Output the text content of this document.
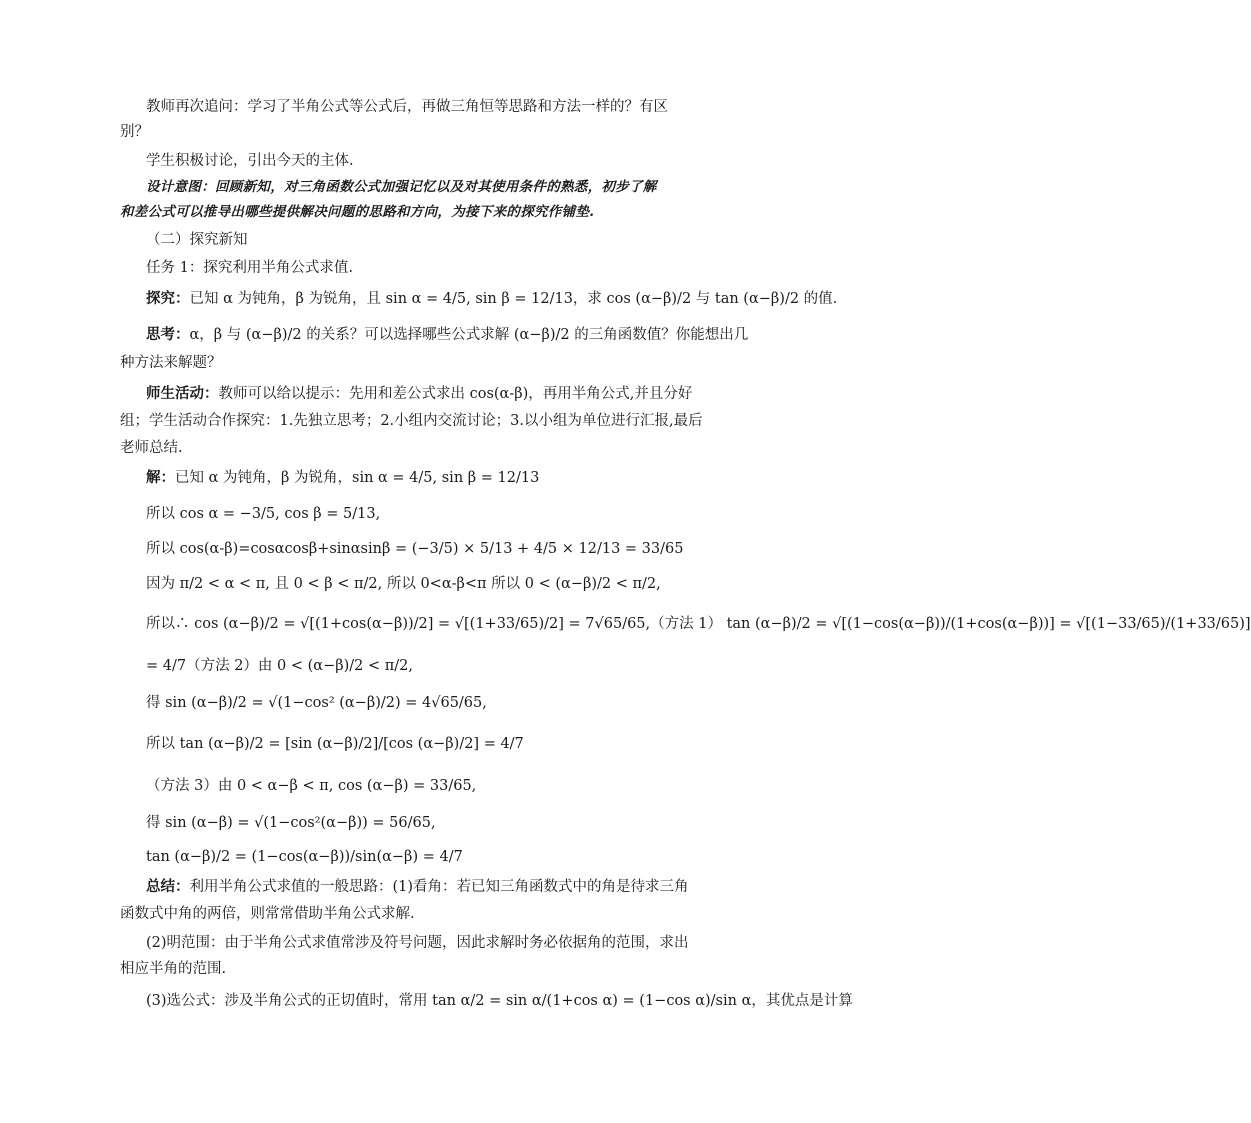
教师再次追问：学习了半角公式等公式后，再做三角恒等思路和方法一样的？有区
别？
学生积极讨论，引出今天的主体.
设计意图：回顾新知，对三角函数公式加强记忆以及对其使用条件的熟悉，初步了解
和差公式可以推导出哪些提供解决问题的思路和方向，为接下来的探究作铺垫.
（二）探究新知
任务 1：探究利用半角公式求值.
探究：已知 α 为钝角，β 为锐角，且 sin α = 4/5, sin β = 12/13，求 cos (α−β)/2 与 tan (α−β)/2 的值.
思考：α，β 与 (α−β)/2 的关系？可以选择哪些公式求解 (α−β)/2 的三角函数值？你能想出几
种方法来解题？
师生活动：教师可以给以提示：先用和差公式求出 cos(α-β)，再用半角公式,并且分好
组；学生活动合作探究：1.先独立思考；2.小组内交流讨论；3.以小组为单位进行汇报,最后
老师总结.
解：已知 α 为钝角，β 为锐角，sin α = 4/5, sin β = 12/13
所以 cos α = −3/5, cos β = 5/13,
所以 cos(α-β)=cosαcosβ+sinαsinβ = (−3/5) × 5/13 + 4/5 × 12/13 = 33/65
因为 π/2 < α < π, 且 0 < β < π/2, 所以 0<α-β<π 所以 0 < (α−β)/2 < π/2,
所以∴ cos (α−β)/2 = √[(1+cos(α−β))/2] = √[(1+33/65)/2] = 7√65/65,（方法 1） tan (α−β)/2 = √[(1−cos(α−β))/(1+cos(α−β))] = √[(1−33/65)/(1+33/65)]
= 4/7（方法 2）由 0 < (α−β)/2 < π/2,
得 sin (α−β)/2 = √(1−cos² (α−β)/2) = 4√65/65,
所以 tan (α−β)/2 = [sin (α−β)/2]/[cos (α−β)/2] = 4/7
（方法 3）由 0 < α−β < π, cos (α−β) = 33/65,
得 sin (α−β) = √(1−cos²(α−β)) = 56/65,
tan (α−β)/2 = (1−cos(α−β))/sin(α−β) = 4/7
总结：利用半角公式求值的一般思路：(1)看角：若已知三角函数式中的角是待求三角
函数式中角的两倍，则常常借助半角公式求解.
(2)明范围：由于半角公式求值常涉及符号问题，因此求解时务必依据角的范围，求出
相应半角的范围.
(3)选公式：涉及半角公式的正切值时，常用 tan α/2 = sin α/(1+cos α) = (1−cos α)/sin α，其优点是计算
